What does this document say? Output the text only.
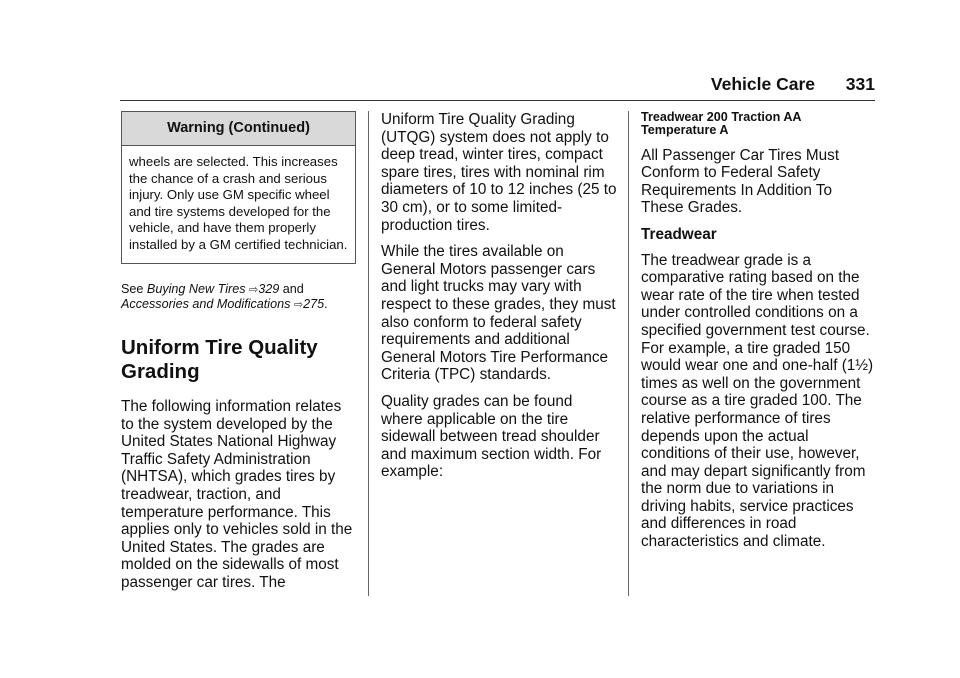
Vehicle Care 331
Warning (Continued)
wheels are selected. This increases the chance of a crash and serious injury. Only use GM specific wheel and tire systems developed for the vehicle, and have them properly installed by a GM certified technician.
See Buying New Tires ⇨329 and Accessories and Modifications ⇨275.
Uniform Tire Quality Grading

The following information relates to the system developed by the United States National Highway Traffic Safety Administration (NHTSA), which grades tires by treadwear, traction, and temperature performance. This applies only to vehicles sold in the United States. The grades are molded on the sidewalls of most passenger car tires. The

Uniform Tire Quality Grading (UTQG) system does not apply to deep tread, winter tires, compact spare tires, tires with nominal rim diameters of 10 to 12 inches (25 to 30 cm), or to some limited-production tires.

While the tires available on General Motors passenger cars and light trucks may vary with respect to these grades, they must also conform to federal safety requirements and additional General Motors Tire Performance Criteria (TPC) standards.

Quality grades can be found where applicable on the tire sidewall between tread shoulder and maximum section width. For example:

Treadwear 200 Traction AA Temperature A

All Passenger Car Tires Must Conform to Federal Safety Requirements In Addition To These Grades.

Treadwear

The treadwear grade is a comparative rating based on the wear rate of the tire when tested under controlled conditions on a specified government test course. For example, a tire graded 150 would wear one and one-half (1½) times as well on the government course as a tire graded 100. The relative performance of tires depends upon the actual conditions of their use, however, and may depart significantly from the norm due to variations in driving habits, service practices and differences in road characteristics and climate.
